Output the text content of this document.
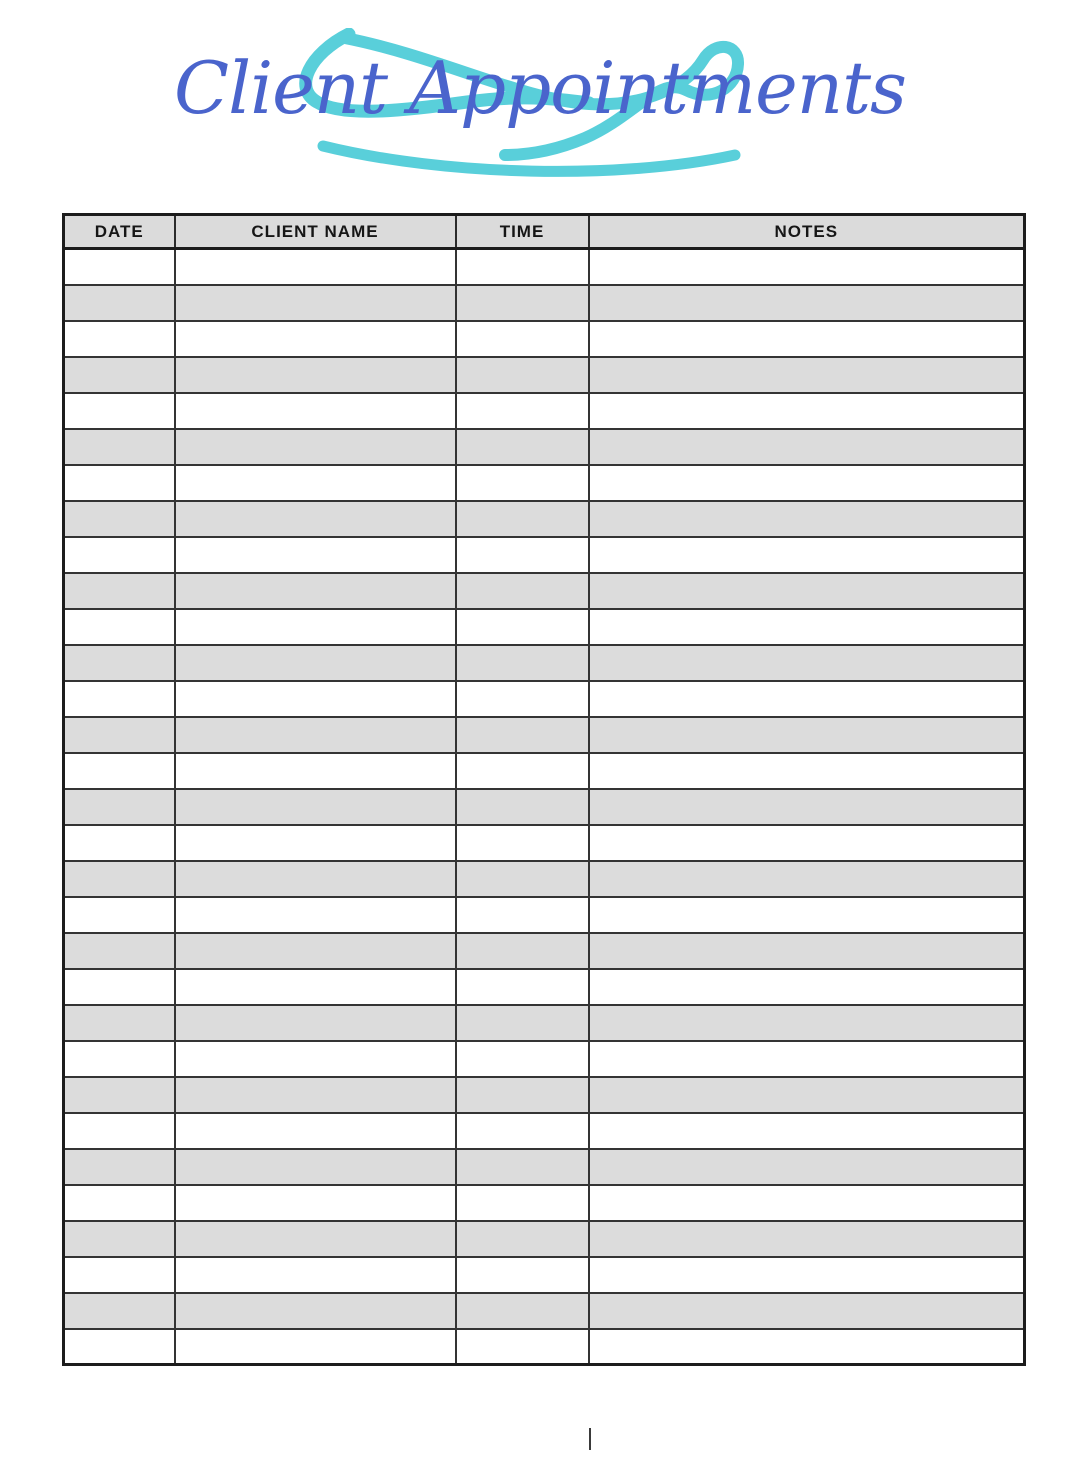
Client Appointments
DATE	CLIENT NAME	TIME	NOTES
